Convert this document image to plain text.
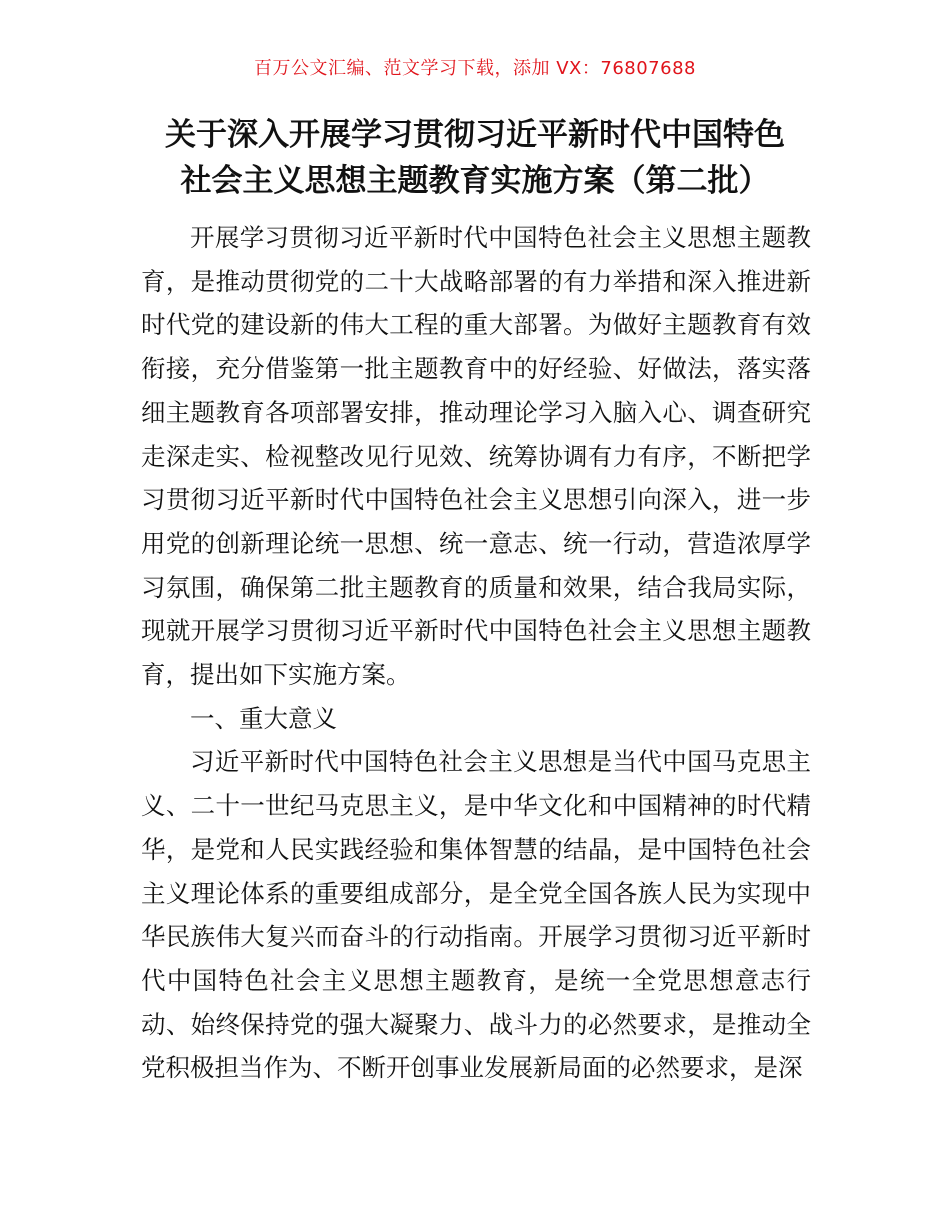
百万公文汇编、范文学习下载，添加 VX：76807688
关于深入开展学习贯彻习近平新时代中国特色
社会主义思想主题教育实施方案（第二批）

开展学习贯彻习近平新时代中国特色社会主义思想主题教育，是推动贯彻党的二十大战略部署的有力举措和深入推进新时代党的建设新的伟大工程的重大部署。为做好主题教育有效衔接，充分借鉴第一批主题教育中的好经验、好做法，落实落细主题教育各项部署安排，推动理论学习入脑入心、调查研究走深走实、检视整改见行见效、统筹协调有力有序，不断把学习贯彻习近平新时代中国特色社会主义思想引向深入，进一步用党的创新理论统一思想、统一意志、统一行动，营造浓厚学习氛围，确保第二批主题教育的质量和效果，结合我局实际，现就开展学习贯彻习近平新时代中国特色社会主义思想主题教育，提出如下实施方案。

一、重大意义

习近平新时代中国特色社会主义思想是当代中国马克思主义、二十一世纪马克思主义，是中华文化和中国精神的时代精华，是党和人民实践经验和集体智慧的结晶，是中国特色社会主义理论体系的重要组成部分，是全党全国各族人民为实现中华民族伟大复兴而奋斗的行动指南。开展学习贯彻习近平新时代中国特色社会主义思想主题教育，是统一全党思想意志行动、始终保持党的强大凝聚力、战斗力的必然要求，是推动全党积极担当作为、不断开创事业发展新局面的必然要求，是深
